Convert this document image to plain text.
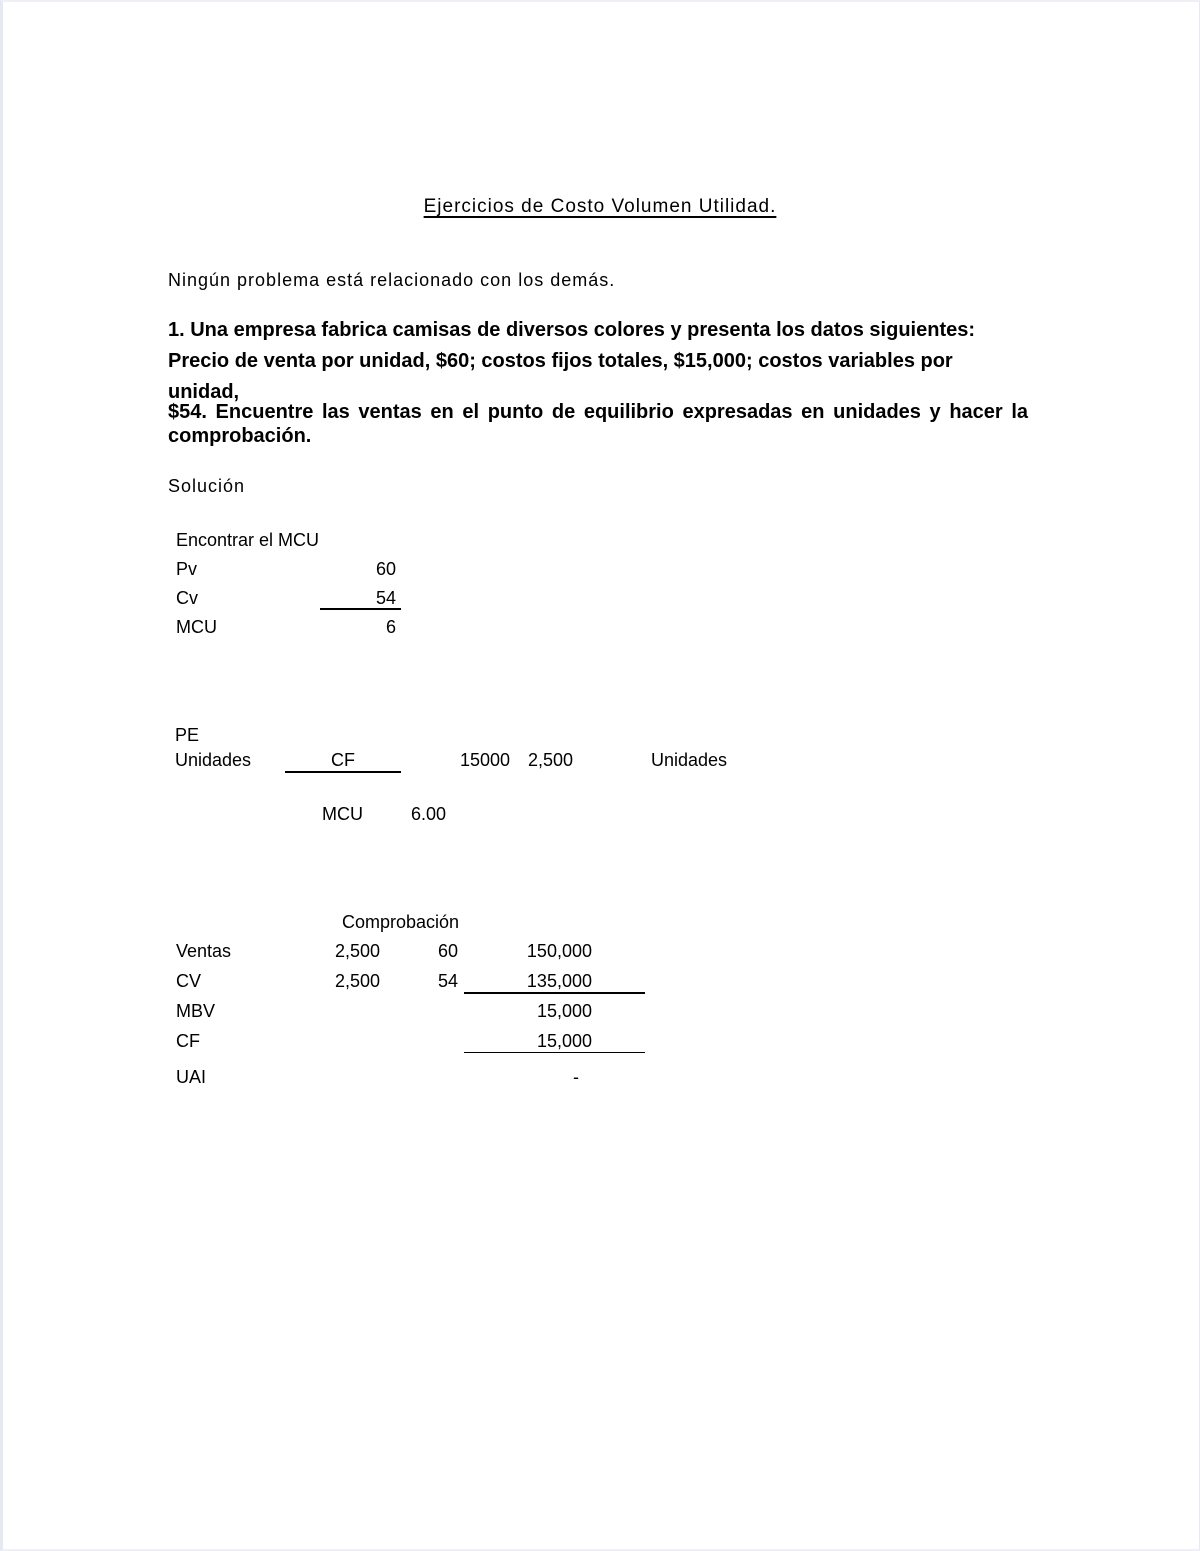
Ejercicios de Costo Volumen Utilidad.
Ningún problema está relacionado con los demás.
1. Una empresa fabrica camisas de diversos colores y presenta los datos siguientes:
Precio de venta por unidad, $60; costos fijos totales, $15,000; costos variables por
unidad,
$54. Encuentre las ventas en el punto de equilibrio expresadas en unidades y hacer la
comprobación.
Solución
Encontrar el MCU
Pv	60
Cv	54
MCU	6
PE
Unidades	CF	15000 2,500	Unidades
MCU	6.00
Comprobación
Ventas	2,500	60	150,000
CV	2,500	54	135,000
MBV	15,000
CF	15,000
UAI	-
